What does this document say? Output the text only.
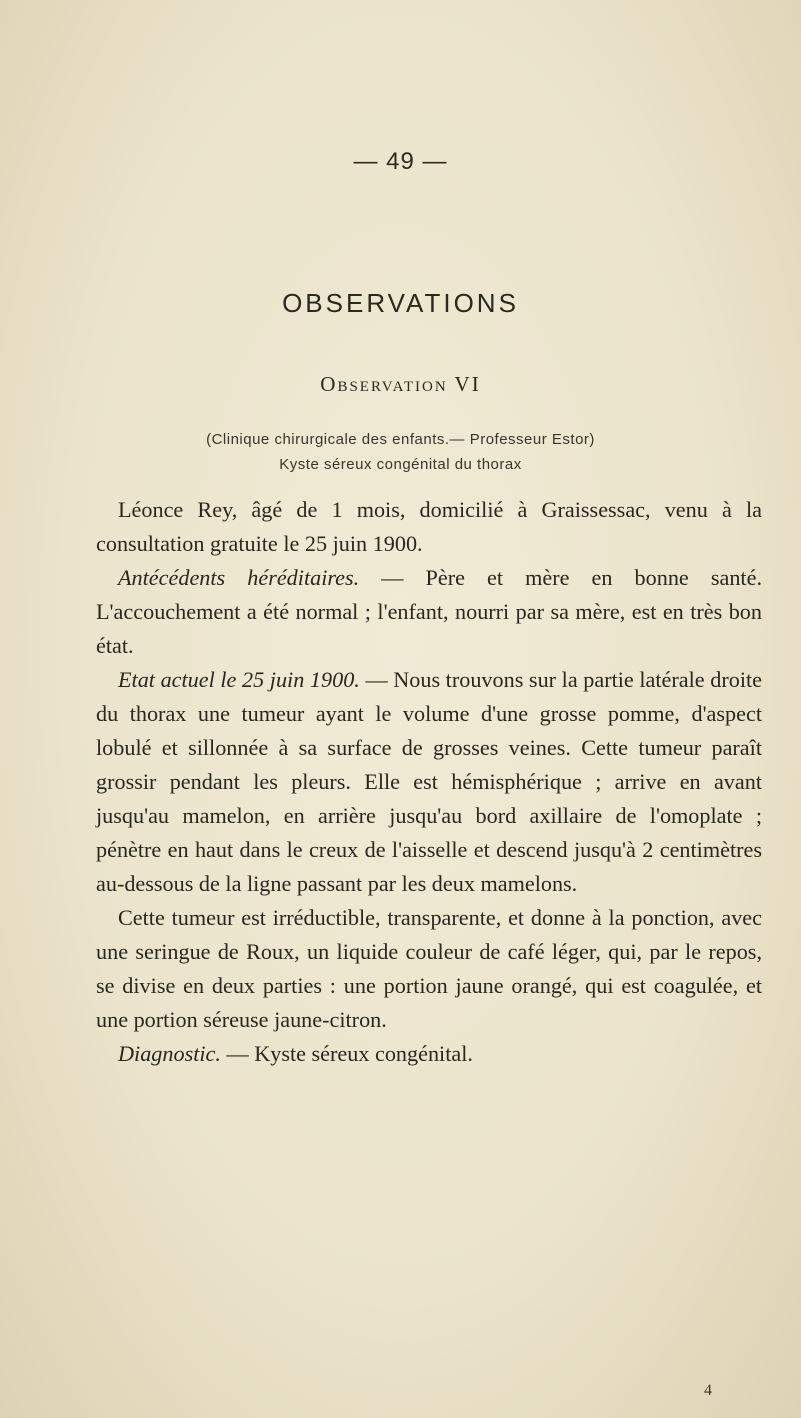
— 49 —
OBSERVATIONS
Observation VI
(Clinique chirurgicale des enfants.— Professeur Estor)
Kyste séreux congénital du thorax

Léonce Rey, âgé de 1 mois, domicilié à Graissessac, venu à la consultation gratuite le 25 juin 1900.

Antécédents héréditaires. — Père et mère en bonne santé. L'accouchement a été normal ; l'enfant, nourri par sa mère, est en très bon état.

Etat actuel le 25 juin 1900. — Nous trouvons sur la partie latérale droite du thorax une tumeur ayant le volume d'une grosse pomme, d'aspect lobulé et sillonnée à sa surface de grosses veines. Cette tumeur paraît grossir pendant les pleurs. Elle est hémisphérique ; arrive en avant jusqu'au mamelon, en arrière jusqu'au bord axillaire de l'omoplate ; pénètre en haut dans le creux de l'aisselle et descend jusqu'à 2 centimètres au-dessous de la ligne passant par les deux mamelons.

Cette tumeur est irréductible, transparente, et donne à la ponction, avec une seringue de Roux, un liquide couleur de café léger, qui, par le repos, se divise en deux parties : une portion jaune orangé, qui est coagulée, et une portion séreuse jaune-citron.

Diagnostic. — Kyste séreux congénital.

4
